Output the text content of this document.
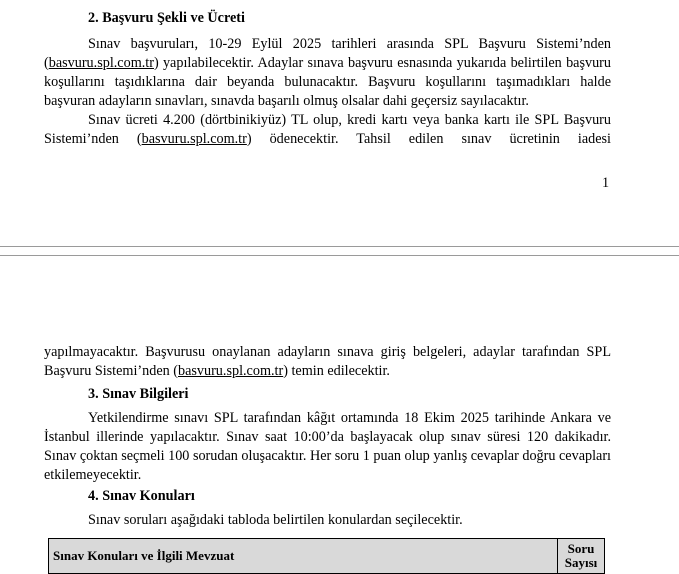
2. Başvuru Şekli ve Ücreti

Sınav başvuruları, 10-29 Eylül 2025 tarihleri arasında SPL Başvuru Sistemi’nden (basvuru.spl.com.tr) yapılabilecektir. Adaylar sınava başvuru esnasında yukarıda belirtilen başvuru koşullarını taşıdıklarına dair beyanda bulunacaktır. Başvuru koşullarını taşımadıkları halde başvuran adayların sınavları, sınavda başarılı olmuş olsalar dahi geçersiz sayılacaktır.

Sınav ücreti 4.200 (dörtbinikiyüz) TL olup, kredi kartı veya banka kartı ile SPL Başvuru Sistemi’nden (basvuru.spl.com.tr) ödenecektir. Tahsil edilen sınav ücretinin iadesi

1

yapılmayacaktır. Başvurusu onaylanan adayların sınava giriş belgeleri, adaylar tarafından SPL Başvuru Sistemi’nden (basvuru.spl.com.tr) temin edilecektir.

3. Sınav Bilgileri

Yetkilendirme sınavı SPL tarafından kâğıt ortamında 18 Ekim 2025 tarihinde Ankara ve İstanbul illerinde yapılacaktır. Sınav saat 10:00’da başlayacak olup sınav süresi 120 dakikadır. Sınav çoktan seçmeli 100 sorudan oluşacaktır. Her soru 1 puan olup yanlış cevaplar doğru cevapları etkilemeyecektir.

4. Sınav Konuları

Sınav soruları aşağıdaki tabloda belirtilen konulardan seçilecektir.

Sınav Konuları ve İlgili Mevzuat	Soru
Sayısı
